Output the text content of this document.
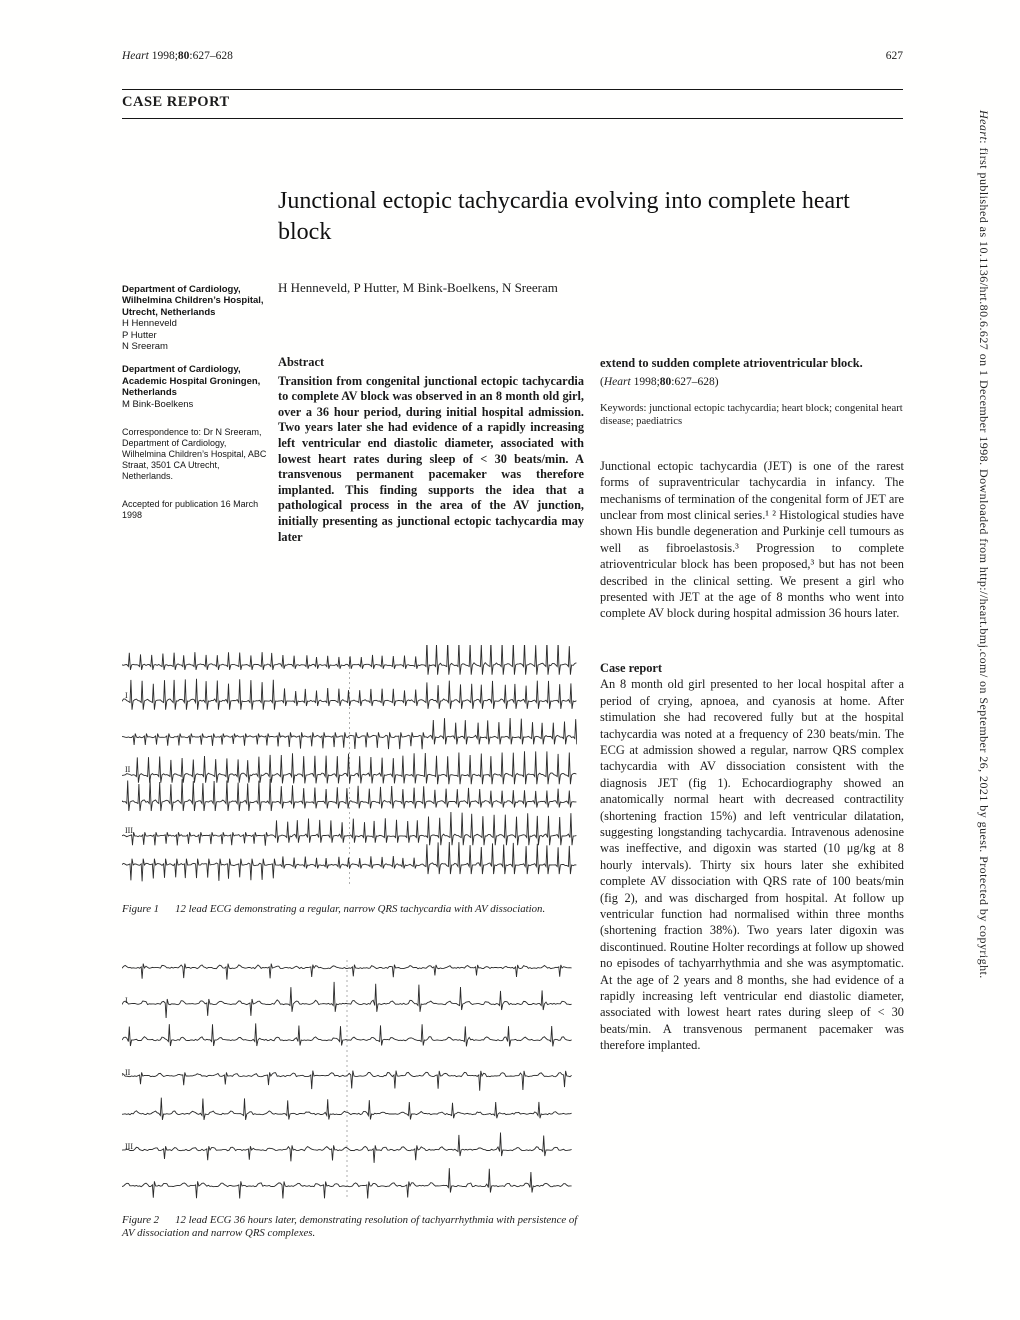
Heart 1998;80:627–628	627
CASE REPORT
Junctional ectopic tachycardia evolving into complete heart block
H Henneveld, P Hutter, M Bink-Boelkens, N Sreeram
Department of Cardiology, Wilhelmina Children’s Hospital, Utrecht, Netherlands
H Henneveld
P Hutter
N Sreeram
Department of Cardiology, Academic Hospital Groningen, Netherlands
M Bink-Boelkens
Correspondence to: Dr N Sreeram, Department of Cardiology, Wilhelmina Children’s Hospital, ABC Straat, 3501 CA Utrecht, Netherlands.
Accepted for publication 16 March 1998
Abstract

Transition from congenital junctional ectopic tachycardia to complete AV block was observed in an 8 month old girl, over a 36 hour period, during initial hospital admission. Two years later she had evidence of a rapidly increasing left ventricular end diastolic diameter, associated with lowest heart rates during sleep of < 30 beats/min. A transvenous permanent pacemaker was therefore implanted. This finding supports the idea that a pathological process in the area of the AV junction, initially presenting as junctional ectopic tachycardia may later

extend to sudden complete atrioventricular block.

(Heart 1998;80:627–628)

Keywords: junctional ectopic tachycardia; heart block; congenital heart disease; paediatrics

Junctional ectopic tachycardia (JET) is one of the rarest forms of supraventricular tachycardia in infancy. The mechanisms of termination of the congenital form of JET are unclear from most clinical series.¹ ² Histological studies have shown His bundle degeneration and Purkinje cell tumours as well as fibroelastosis.³ Progression to complete atrioventricular block has been proposed,³ but has not been described in the clinical setting. We present a girl who presented with JET at the age of 8 months who went into complete AV block during hospital admission 36 hours later.

Case report

An 8 month old girl presented to her local hospital after a period of crying, apnoea, and cyanosis at home. After stimulation she had recovered fully but at the hospital tachycardia was noted at a frequency of 230 beats/min. The ECG at admission showed a regular, narrow QRS complex tachycardia with AV dissociation consistent with the diagnosis JET (fig 1). Echocardiography showed an anatomically normal heart with decreased contractility (shortening fraction 15%) and left ventricular dilatation, suggesting longstanding tachycardia. Intravenous adenosine was ineffective, and digoxin was started (10 μg/kg at 8 hourly intervals). Thirty six hours later she exhibited complete AV dissociation with QRS rate of 100 beats/min (fig 2), and was discharged from hospital. At follow up ventricular function had normalised within three months (shortening fraction 38%). Two years later digoxin was discontinued. Routine Holter recordings at follow up showed no episodes of tachyarrhythmia and she was asymptomatic. At the age of 2 years and 8 months, she had evidence of a rapidly increasing left ventricular end diastolic diameter, associated with lowest heart rates during sleep of < 30 beats/min. A transvenous permanent pacemaker was therefore implanted.

I
II
III
Figure 1 12 lead ECG demonstrating a regular, narrow QRS tachycardia with AV dissociation.
I
II
III
Figure 2 12 lead ECG 36 hours later, demonstrating resolution of tachyarrhythmia with persistence of AV dissociation and narrow QRS complexes.
Heart: first published as 10.1136/hrt.80.6.627 on 1 December 1998. Downloaded from http://heart.bmj.com/ on September 26, 2021 by guest. Protected by copyright.
